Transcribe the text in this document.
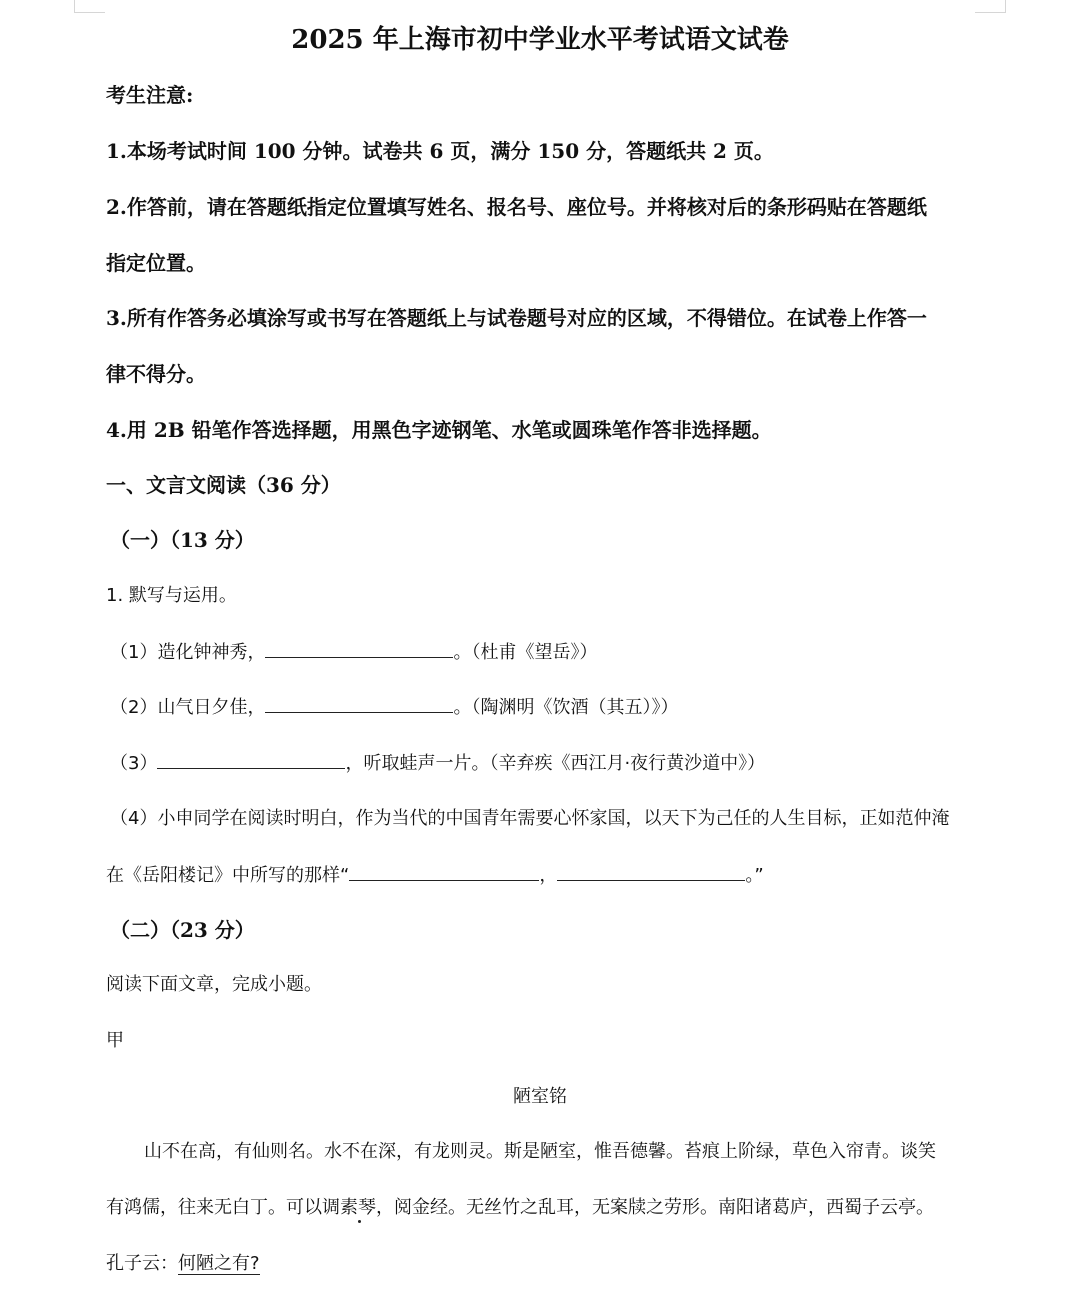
2025 年上海市初中学业水平考试语文试卷
考生注意:
1.本场考试时间 100 分钟。试卷共 6 页，满分 150 分，答题纸共 2 页。
2.作答前，请在答题纸指定位置填写姓名、报名号、座位号。并将核对后的条形码贴在答题纸
指定位置。
3.所有作答务必填涂写或书写在答题纸上与试卷题号对应的区域，不得错位。在试卷上作答一
律不得分。
4.用 2B 铅笔作答选择题，用黑色字迹钢笔、水笔或圆珠笔作答非选择题。
一、文言文阅读（36 分）
（一）（13 分）
1. 默写与运用。
（1）造化钟神秀，	。（杜甫《望岳》）
（2）山气日夕佳，	。（陶渊明《饮酒（其五）》）
（3）	，听取蛙声一片。（辛弃疾《西江月·夜行黄沙道中》）
（4）小申同学在阅读时明白，作为当代的中国青年需要心怀家国，以天下为己任的人生目标，正如范仲淹
在《岳阳楼记》中所写的那样“	，	。”
（二）（23 分）
阅读下面文章，完成小题。
甲
陋室铭
山不在高，有仙则名。水不在深，有龙则灵。斯是陋室，惟吾德馨。苔痕上阶绿，草色入帘青。谈笑
有鸿儒，往来无白丁。可以调素琴，阅金经。无丝竹之乱耳，无案牍之劳形。南阳诸葛庐，西蜀子云亭。
孔子云：何陋之有?
